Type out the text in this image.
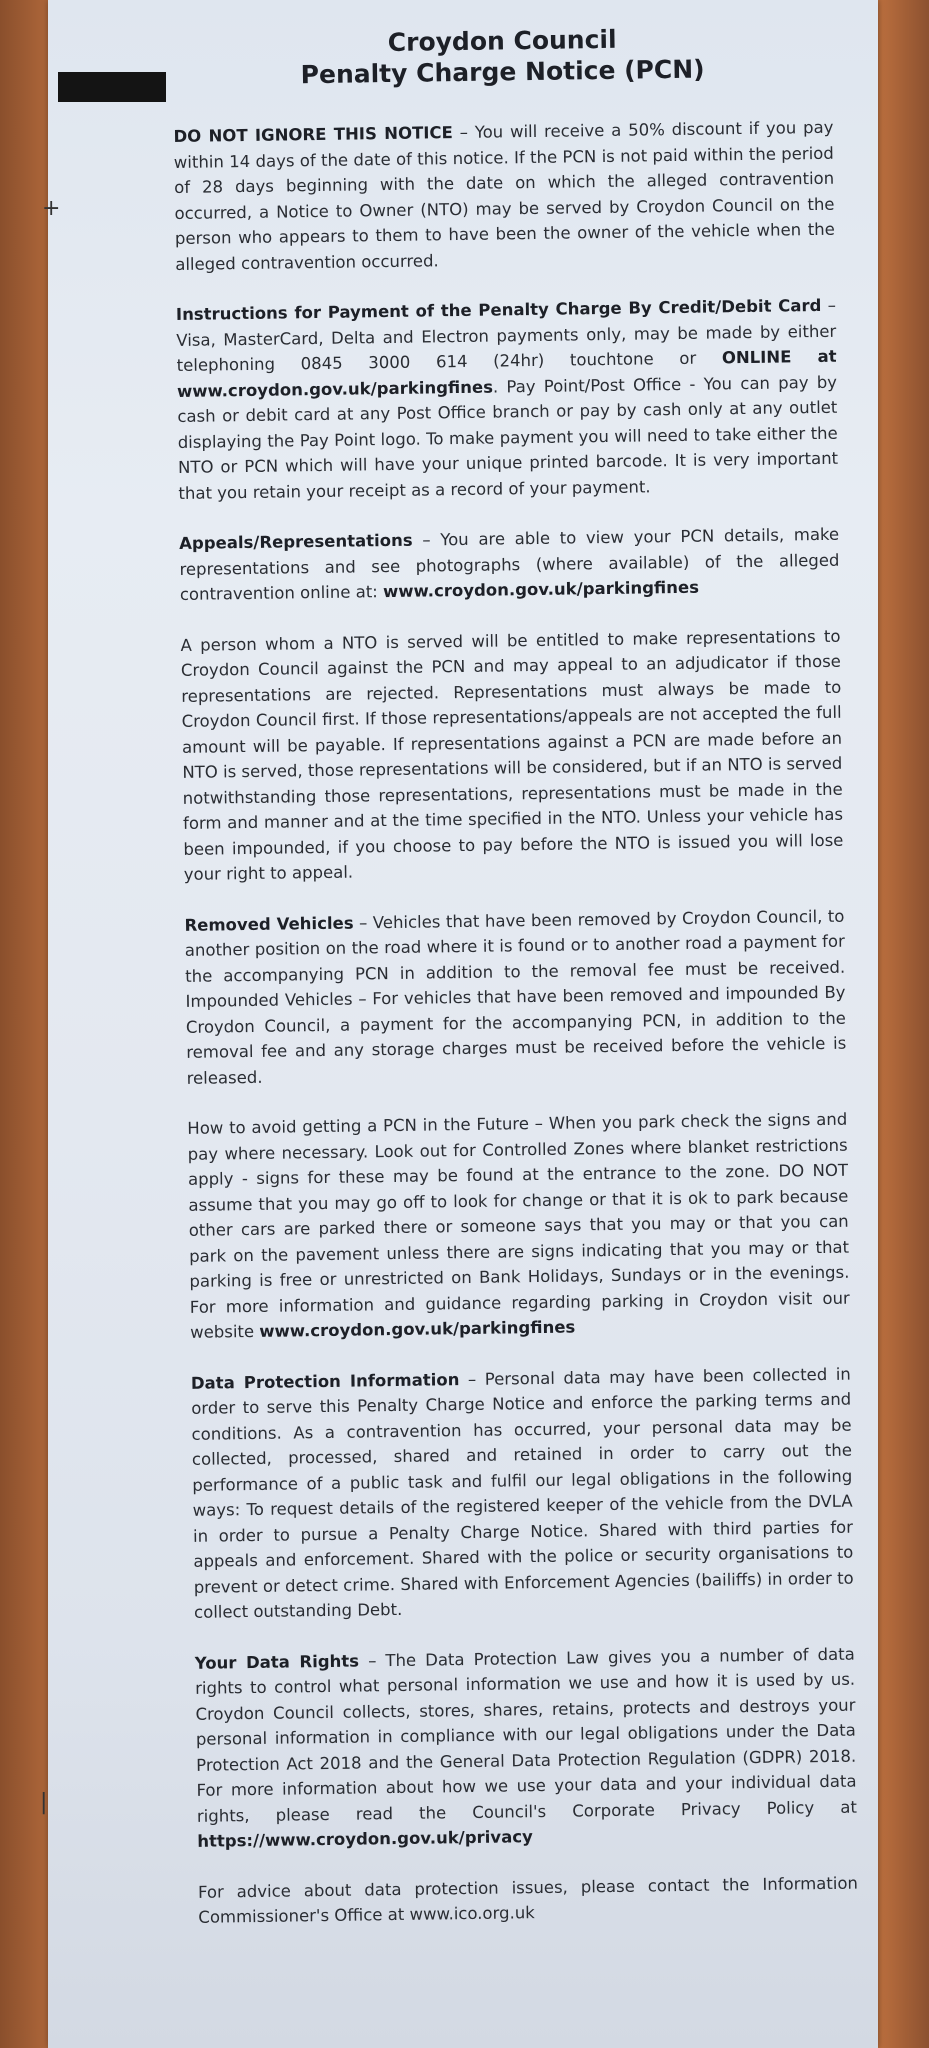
+
|
Croydon Council
Penalty Charge Notice (PCN)

DO NOT IGNORE THIS NOTICE – You will receive a 50% discount if you pay within 14 days of the date of this notice. If the PCN is not paid within the period of 28 days beginning with the date on which the alleged contravention occurred, a Notice to Owner (NTO) may be served by Croydon Council on the person who appears to them to have been the owner of the vehicle when the alleged contravention occurred.

Instructions for Payment of the Penalty Charge By Credit/Debit Card – Visa, MasterCard, Delta and Electron payments only, may be made by either telephoning 0845 3000 614 (24hr) touchtone or ONLINE at www.croydon.gov.uk/parkingfines. Pay Point/Post Office - You can pay by cash or debit card at any Post Office branch or pay by cash only at any outlet displaying the Pay Point logo. To make payment you will need to take either the NTO or PCN which will have your unique printed barcode. It is very important that you retain your receipt as a record of your payment.

Appeals/Representations – You are able to view your PCN details, make representations and see photographs (where available) of the alleged contravention online at: www.croydon.gov.uk/parkingfines

A person whom a NTO is served will be entitled to make representations to Croydon Council against the PCN and may appeal to an adjudicator if those representations are rejected. Representations must always be made to Croydon Council first. If those representations/appeals are not accepted the full amount will be payable. If representations against a PCN are made before an NTO is served, those representations will be considered, but if an NTO is served notwithstanding those representations, representations must be made in the form and manner and at the time specified in the NTO. Unless your vehicle has been impounded, if you choose to pay before the NTO is issued you will lose your right to appeal.

Removed Vehicles – Vehicles that have been removed by Croydon Council, to another position on the road where it is found or to another road a payment for the accompanying PCN in addition to the removal fee must be received. Impounded Vehicles – For vehicles that have been removed and impounded By Croydon Council, a payment for the accompanying PCN, in addition to the removal fee and any storage charges must be received before the vehicle is released.

How to avoid getting a PCN in the Future – When you park check the signs and pay where necessary. Look out for Controlled Zones where blanket restrictions apply - signs for these may be found at the entrance to the zone. DO NOT assume that you may go off to look for change or that it is ok to park because other cars are parked there or someone says that you may or that you can park on the pavement unless there are signs indicating that you may or that parking is free or unrestricted on Bank Holidays, Sundays or in the evenings. For more information and guidance regarding parking in Croydon visit our website www.croydon.gov.uk/parkingfines

Data Protection Information – Personal data may have been collected in order to serve this Penalty Charge Notice and enforce the parking terms and conditions. As a contravention has occurred, your personal data may be collected, processed, shared and retained in order to carry out the performance of a public task and fulfil our legal obligations in the following ways: To request details of the registered keeper of the vehicle from the DVLA in order to pursue a Penalty Charge Notice. Shared with third parties for appeals and enforcement. Shared with the police or security organisations to prevent or detect crime. Shared with Enforcement Agencies (bailiffs) in order to collect outstanding Debt.

Your Data Rights – The Data Protection Law gives you a number of data rights to control what personal information we use and how it is used by us. Croydon Council collects, stores, shares, retains, protects and destroys your personal information in compliance with our legal obligations under the Data Protection Act 2018 and the General Data Protection Regulation (GDPR) 2018. For more information about how we use your data and your individual data rights, please read the Council's Corporate Privacy Policy at https://www.croydon.gov.uk/privacy

For advice about data protection issues, please contact the Information Commissioner's Office at www.ico.org.uk
